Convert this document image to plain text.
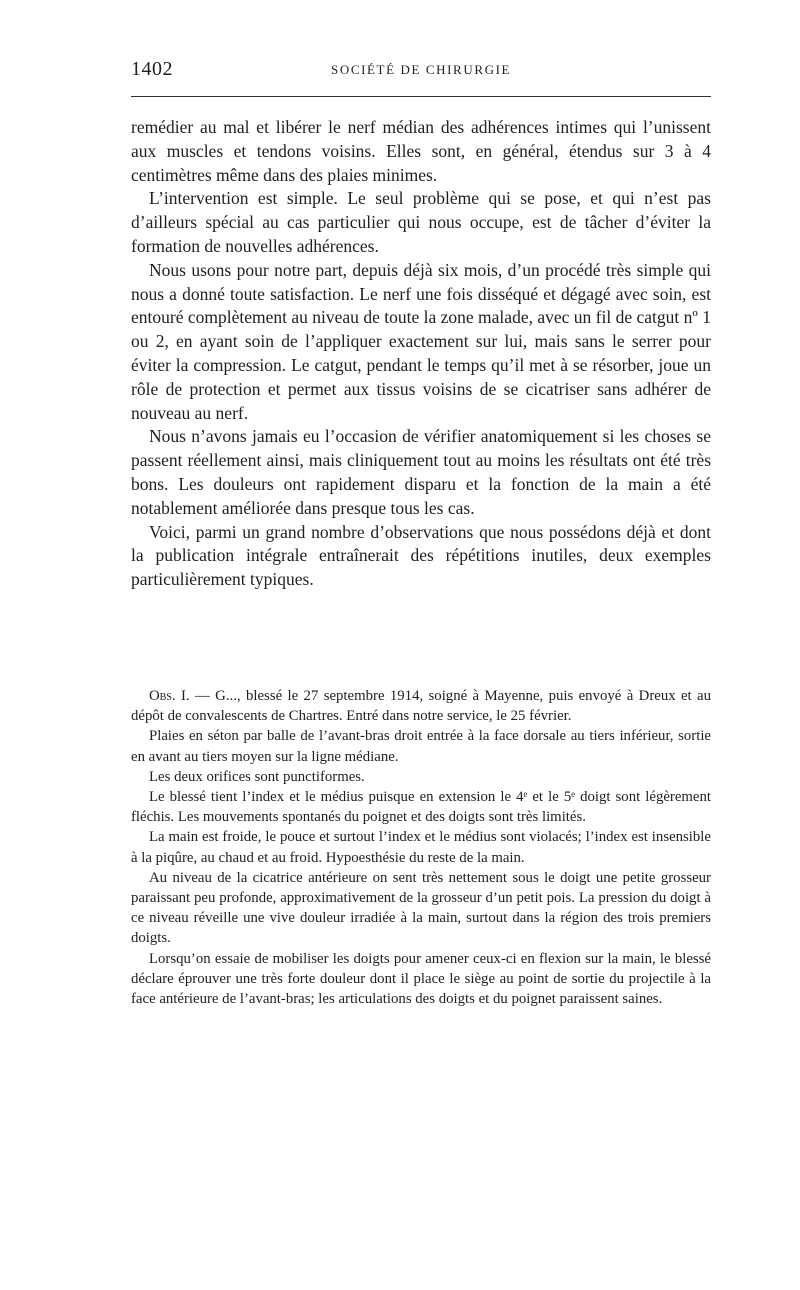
1402	SOCIÉTÉ DE CHIRURGIE

remédier au mal et libérer le nerf médian des adhérences intimes qui l’unissent aux muscles et tendons voisins. Elles sont, en général, étendus sur 3 à 4 centimètres même dans des plaies minimes.

L’intervention est simple. Le seul problème qui se pose, et qui n’est pas d’ailleurs spécial au cas particulier qui nous occupe, est de tâcher d’éviter la formation de nouvelles adhérences.

Nous usons pour notre part, depuis déjà six mois, d’un procédé très simple qui nous a donné toute satisfaction. Le nerf une fois disséqué et dégagé avec soin, est entouré complètement au niveau de toute la zone malade, avec un fil de catgut nº 1 ou 2, en ayant soin de l’appliquer exactement sur lui, mais sans le serrer pour éviter la compression. Le catgut, pendant le temps qu’il met à se résorber, joue un rôle de protection et permet aux tissus voisins de se cicatriser sans adhérer de nouveau au nerf.

Nous n’avons jamais eu l’occasion de vérifier anatomiquement si les choses se passent réellement ainsi, mais cliniquement tout au moins les résultats ont été très bons. Les douleurs ont rapidement disparu et la fonction de la main a été notablement améliorée dans presque tous les cas.

Voici, parmi un grand nombre d’observations que nous possédons déjà et dont la publication intégrale entraînerait des répétitions inutiles, deux exemples particulièrement typiques.

Obs. I. — G..., blessé le 27 septembre 1914, soigné à Mayenne, puis envoyé à Dreux et au dépôt de convalescents de Chartres. Entré dans notre service, le 25 février.

Plaies en séton par balle de l’avant-bras droit entrée à la face dorsale au tiers inférieur, sortie en avant au tiers moyen sur la ligne médiane.

Les deux orifices sont punctiformes.

Le blessé tient l’index et le médius puisque en extension le 4ᵉ et le 5ᵉ doigt sont légèrement fléchis. Les mouvements spontanés du poignet et des doigts sont très limités.

La main est froide, le pouce et surtout l’index et le médius sont violacés; l’index est insensible à la piqûre, au chaud et au froid. Hypoesthésie du reste de la main.

Au niveau de la cicatrice antérieure on sent très nettement sous le doigt une petite grosseur paraissant peu profonde, approximativement de la grosseur d’un petit pois. La pression du doigt à ce niveau réveille une vive douleur irradiée à la main, surtout dans la région des trois premiers doigts.

Lorsqu’on essaie de mobiliser les doigts pour amener ceux-ci en flexion sur la main, le blessé déclare éprouver une très forte douleur dont il place le siège au point de sortie du projectile à la face antérieure de l’avant-bras; les articulations des doigts et du poignet paraissent saines.
